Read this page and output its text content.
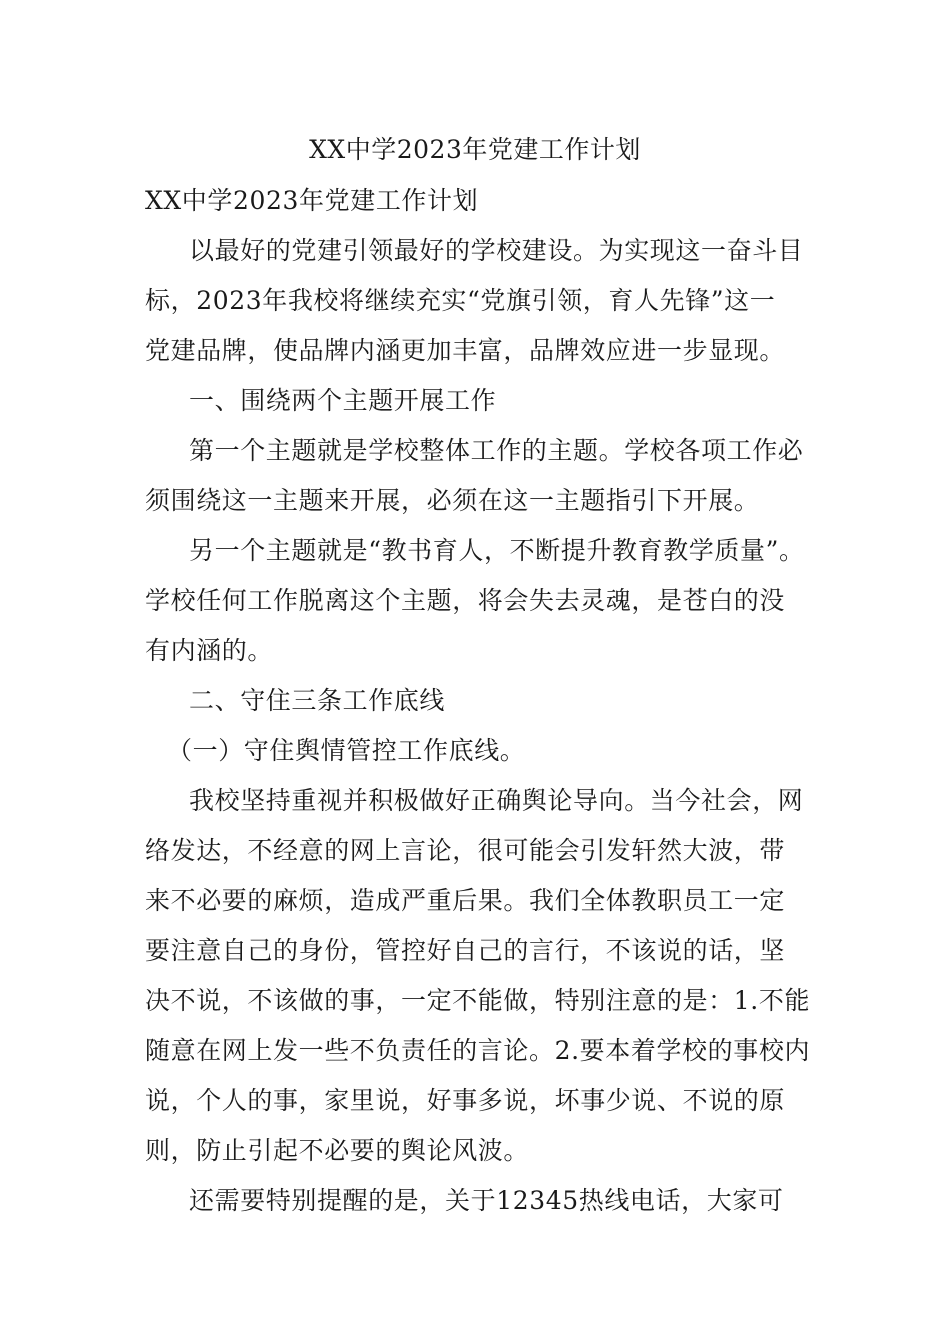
XX中学2023年党建工作计划
XX中学2023年党建工作计划
以最好的党建引领最好的学校建设。为实现这一奋斗目
标，2023年我校将继续充实“党旗引领，育人先锋”这一
党建品牌，使品牌内涵更加丰富，品牌效应进一步显现。
一、围绕两个主题开展工作
第一个主题就是学校整体工作的主题。学校各项工作必
须围绕这一主题来开展，必须在这一主题指引下开展。
另一个主题就是“教书育人，不断提升教育教学质量”。
学校任何工作脱离这个主题，将会失去灵魂，是苍白的没
有内涵的。
二、守住三条工作底线
（一）守住舆情管控工作底线。
我校坚持重视并积极做好正确舆论导向。当今社会，网
络发达，不经意的网上言论，很可能会引发轩然大波，带
来不必要的麻烦，造成严重后果。我们全体教职员工一定
要注意自己的身份，管控好自己的言行，不该说的话，坚
决不说，不该做的事，一定不能做，特别注意的是：1.不能
随意在网上发一些不负责任的言论。2.要本着学校的事校内
说，个人的事，家里说，好事多说，坏事少说、不说的原
则，防止引起不必要的舆论风波。
还需要特别提醒的是，关于12345热线电话，大家可
